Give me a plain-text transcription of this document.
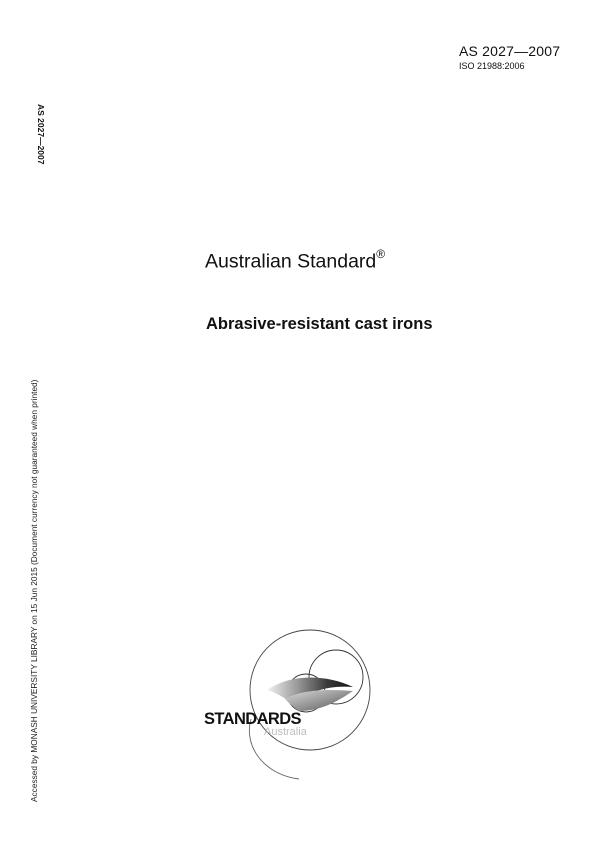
AS 2027—2007
ISO 21988:2006
AS 2027—2007
Accessed by MONASH UNIVERSITY LIBRARY on 15 Jun 2015 (Document currency not guaranteed when printed)
Australian Standard®
Abrasive-resistant cast irons
STANDARDS
Australia
